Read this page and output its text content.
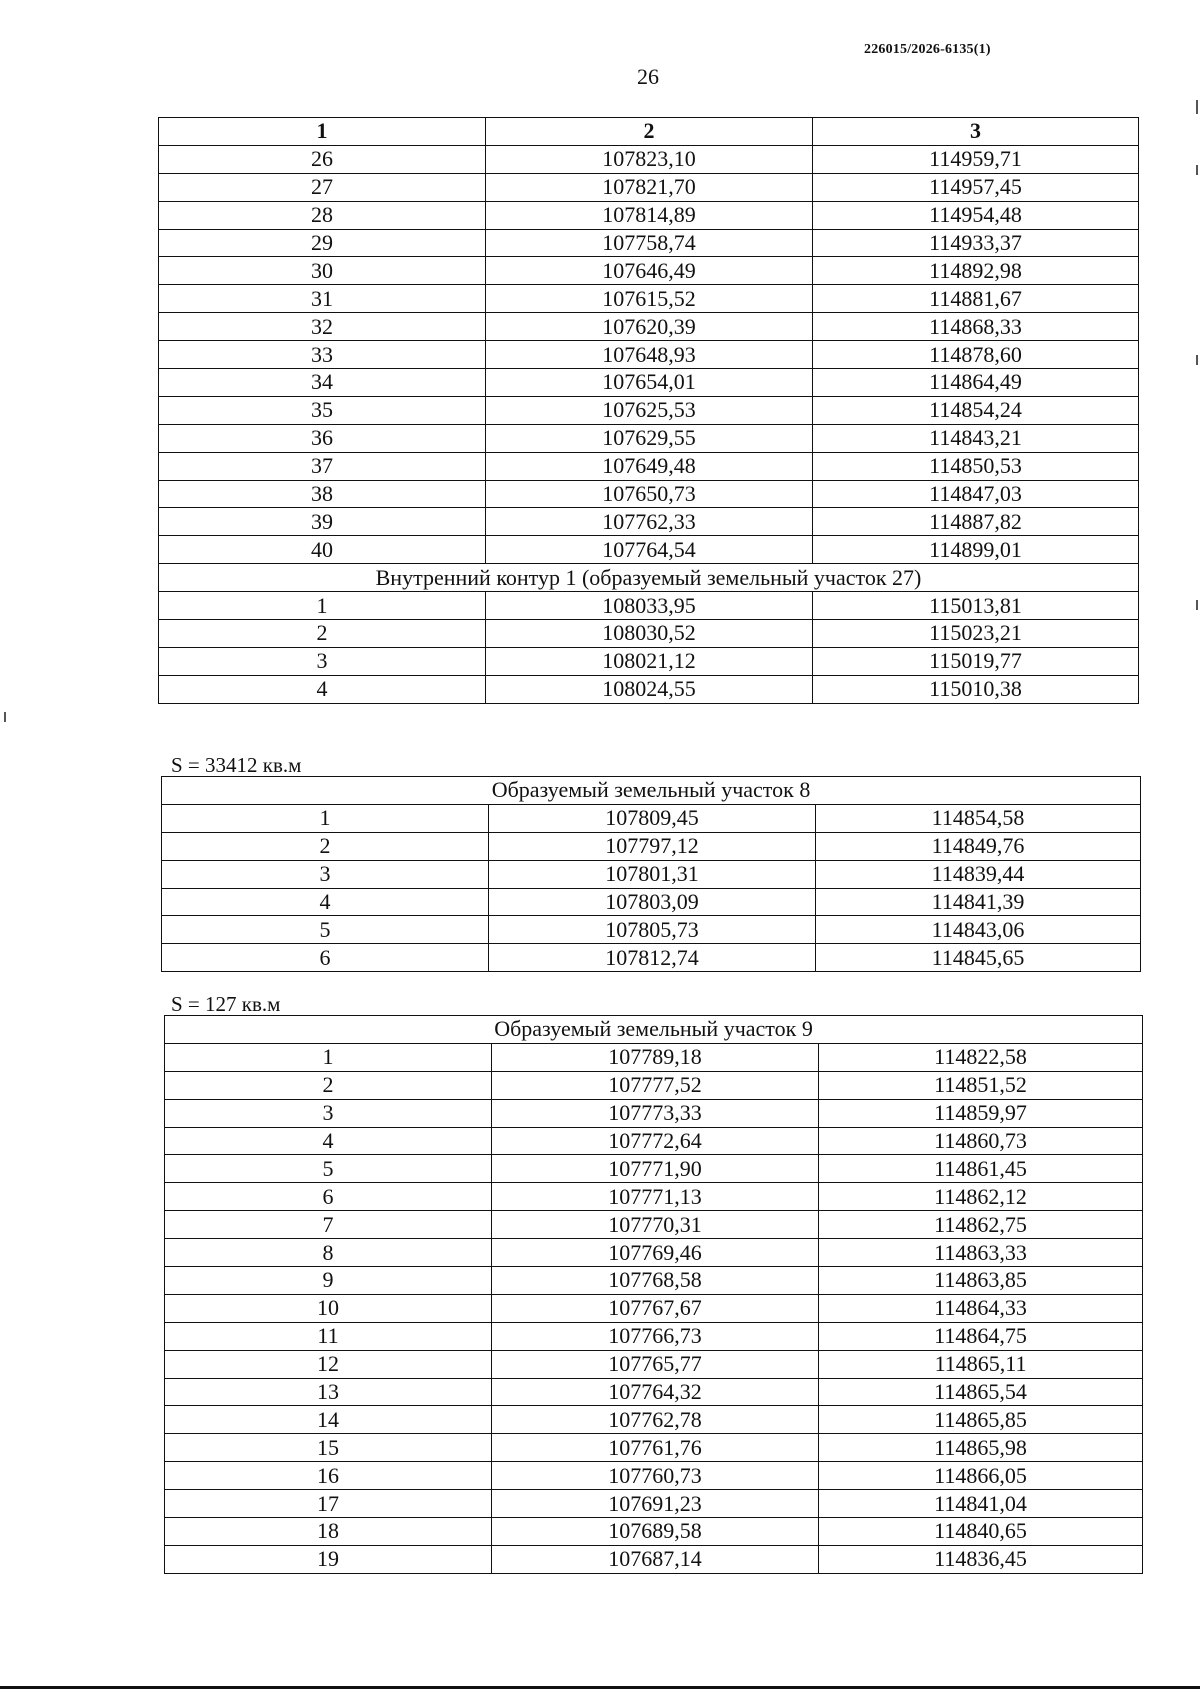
226015/2026-6135(1)
26
1	2	3
26	107823,10	114959,71
27	107821,70	114957,45
28	107814,89	114954,48
29	107758,74	114933,37
30	107646,49	114892,98
31	107615,52	114881,67
32	107620,39	114868,33
33	107648,93	114878,60
34	107654,01	114864,49
35	107625,53	114854,24
36	107629,55	114843,21
37	107649,48	114850,53
38	107650,73	114847,03
39	107762,33	114887,82
40	107764,54	114899,01
Внутренний контур 1 (образуемый земельный участок 27)		
1	108033,95	115013,81
2	108030,52	115023,21
3	108021,12	115019,77
4	108024,55	115010,38
S = 33412 кв.м
Образуемый земельный участок 8		
1	107809,45	114854,58
2	107797,12	114849,76
3	107801,31	114839,44
4	107803,09	114841,39
5	107805,73	114843,06
6	107812,74	114845,65
S = 127 кв.м
Образуемый земельный участок 9		
1	107789,18	114822,58
2	107777,52	114851,52
3	107773,33	114859,97
4	107772,64	114860,73
5	107771,90	114861,45
6	107771,13	114862,12
7	107770,31	114862,75
8	107769,46	114863,33
9	107768,58	114863,85
10	107767,67	114864,33
11	107766,73	114864,75
12	107765,77	114865,11
13	107764,32	114865,54
14	107762,78	114865,85
15	107761,76	114865,98
16	107760,73	114866,05
17	107691,23	114841,04
18	107689,58	114840,65
19	107687,14	114836,45
